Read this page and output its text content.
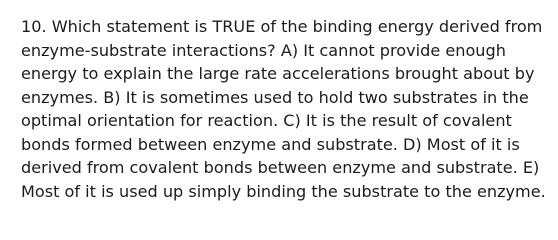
10. Which statement is TRUE of the binding energy derived from
enzyme-substrate interactions? A) It cannot provide enough
energy to explain the large rate accelerations brought about by
enzymes. B) It is sometimes used to hold two substrates in the
optimal orientation for reaction. C) It is the result of covalent
bonds formed between enzyme and substrate. D) Most of it is
derived from covalent bonds between enzyme and substrate. E)
Most of it is used up simply binding the substrate to the enzyme.
